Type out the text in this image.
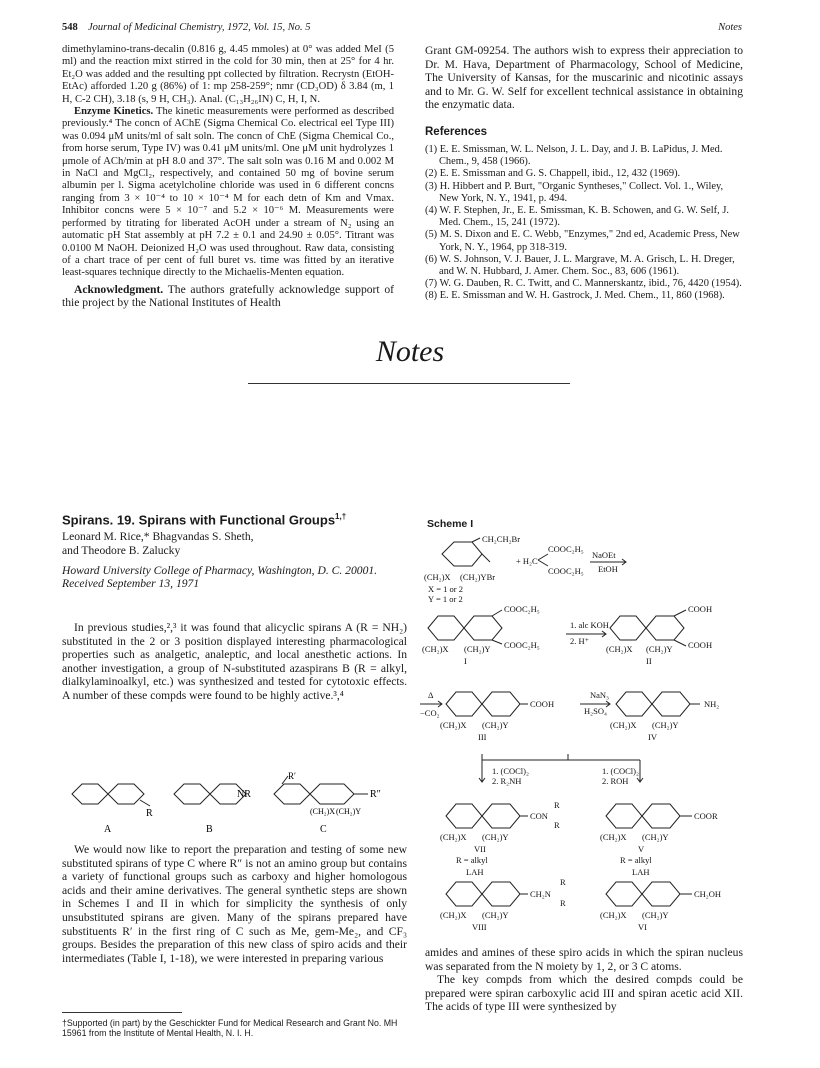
548 Journal of Medicinal Chemistry, 1972, Vol. 15, No. 5	Notes

dimethylamino-trans-decalin (0.816 g, 4.45 mmoles) at 0° was added MeI (5 ml) and the reaction mixt stirred in the cold for 30 min, then at 25° for 4 hr. Et₂O was added and the resulting ppt collected by filtration. Recrystn (EtOH-EtAc) afforded 1.20 g (86%) of 1: mp 258-259°; nmr (CD₃OD) δ 3.84 (m, 1 H, C-2 CH), 3.18 (s, 9 H, CH₃). Anal. (C₁₃H₂₆IN) C, H, I, N.

Enzyme Kinetics. The kinetic measurements were performed as described previously.⁴ The concn of AChE (Sigma Chemical Co. electrical eel Type III) was 0.094 μM units/ml of salt soln. The concn of ChE (Sigma Chemical Co., from horse serum, Type IV) was 0.41 μM units/ml. One μM unit hydrolyzes 1 μmole of ACh/min at pH 8.0 and 37°. The salt soln was 0.16 M and 0.002 M in NaCl and MgCl₂, respectively, and contained 50 mg of bovine serum albumin per l. Sigma acetylcholine chloride was used in 6 different concns ranging from 3 × 10⁻⁴ to 10 × 10⁻⁴ M for each detn of Km and Vmax. Inhibitor concns were 5 × 10⁻⁷ and 5.2 × 10⁻⁶ M. Measurements were performed by titrating for liberated AcOH under a stream of N₂ using an automatic pH Stat assembly at pH 7.2 ± 0.1 and 24.90 ± 0.05°. Titrant was 0.0100 M NaOH. Deionized H₂O was used throughout. Raw data, consisting of a chart trace of per cent of full buret vs. time was fitted by an iterative least-squares technique directly to the Michaelis-Menten equation.

Acknowledgment. The authors gratefully acknowledge support of thie project by the National Institutes of Health

Grant GM-09254. The authors wish to express their appreciation to Dr. M. Hava, Department of Pharmacology, School of Medicine, The University of Kansas, for the muscarinic and nicotinic assays and to Mr. G. W. Self for excellent technical assistance in obtaining the enzymatic data.

References

(1) E. E. Smissman, W. L. Nelson, J. L. Day, and J. B. LaPidus, J. Med. Chem., 9, 458 (1966).

(2) E. E. Smissman and G. S. Chappell, ibid., 12, 432 (1969).

(3) H. Hibbert and P. Burt, "Organic Syntheses," Collect. Vol. 1., Wiley, New York, N. Y., 1941, p. 494.

(4) W. F. Stephen, Jr., E. E. Smissman, K. B. Schowen, and G. W. Self, J. Med. Chem., 15, 241 (1972).

(5) M. S. Dixon and E. C. Webb, "Enzymes," 2nd ed, Academic Press, New York, N. Y., 1964, pp 318-319.

(6) W. S. Johnson, V. J. Bauer, J. L. Margrave, M. A. Grisch, L. H. Dreger, and W. N. Hubbard, J. Amer. Chem. Soc., 83, 606 (1961).

(7) W. G. Dauben, R. C. Twitt, and C. Mannerskantz, ibid., 76, 4420 (1954).

(8) E. E. Smissman and W. H. Gastrock, J. Med. Chem., 11, 860 (1968).

Notes
Spirans. 19. Spirans with Functional Groups$^{1,\dagger}$
Leonard M. Rice,* Bhagvandas S. Sheth,
and Theodore B. Zalucky
Howard University College of Pharmacy, Washington, D. C. 20001.
Received September 13, 1971

In previous studies,²,³ it was found that alicyclic spirans A (R = NH₂) substituted in the 2 or 3 position displayed interesting pharmacological properties such as analgetic, analeptic, and local anesthetic actions. In another investigation, a group of N-substituted azaspirans B (R = alkyl, dialkylaminoalkyl, etc.) was synthesized and tested for cytotoxic effects. A number of these compds were found to be highly active.³,⁴

R
NR
R′
R″
(CH₂)X (CH₂)Y
A	B	C

We would now like to report the preparation and testing of some new substituted spirans of type C where R″ is not an amino group but contains a variety of functional groups such as carboxy and higher homologous acids and their amine derivatives. The general synthetic steps are shown in Schemes I and II in which for simplicity the synthesis of only unsubstituted spirans are given. Many of the spirans prepared have substituents R′ in the first ring of C such as Me, gem-Me₂, and CF₃ groups. Besides the preparation of this new class of spiro acids and their intermediates (Table I, 1-18), we were interested in preparing various

†Supported (in part) by the Geschickter Fund for Medical Research and Grant No. MH 15961 from the Institute of Mental Health, N. I. H.
Scheme I
CH₂CH₂Br
+ H₂C
COOC₂H₅
COOC₂H₅
NaOEt
EtOH
(CH₂)X (CH₂)YBr
X = 1 or 2
Y = 1 or 2
COOC₂H₅
COOC₂H₅
1. alc KOH
2. H⁺
(CH₂)X (CH₂)Y
COOH
COOH
(CH₂)X (CH₂)Y
I	II
Δ
−CO₂
COOH
NaN₃
H₂SO₄
NH₂
(CH₂)X (CH₂)Y	(CH₂)X (CH₂)Y
III	IV
1. (COCl)₂
2. R₂NH
1. (COCl)₂
2. ROH
CON
R
R
COOR
(CH₂)X (CH₂)Y	(CH₂)X (CH₂)Y
VII	V
R = alkyl	R = alkyl
LAH	LAH
CH₂N
R
R
CH₂OH
(CH₂)X (CH₂)Y	(CH₂)X (CH₂)Y
VIII	VI

amides and amines of these spiro acids in which the spiran nucleus was separated from the N moiety by 1, 2, or 3 C atoms.

The key compds from which the desired compds could be prepared were spiran carboxylic acid III and spiran acetic acid XII. The acids of type III were synthesized by
